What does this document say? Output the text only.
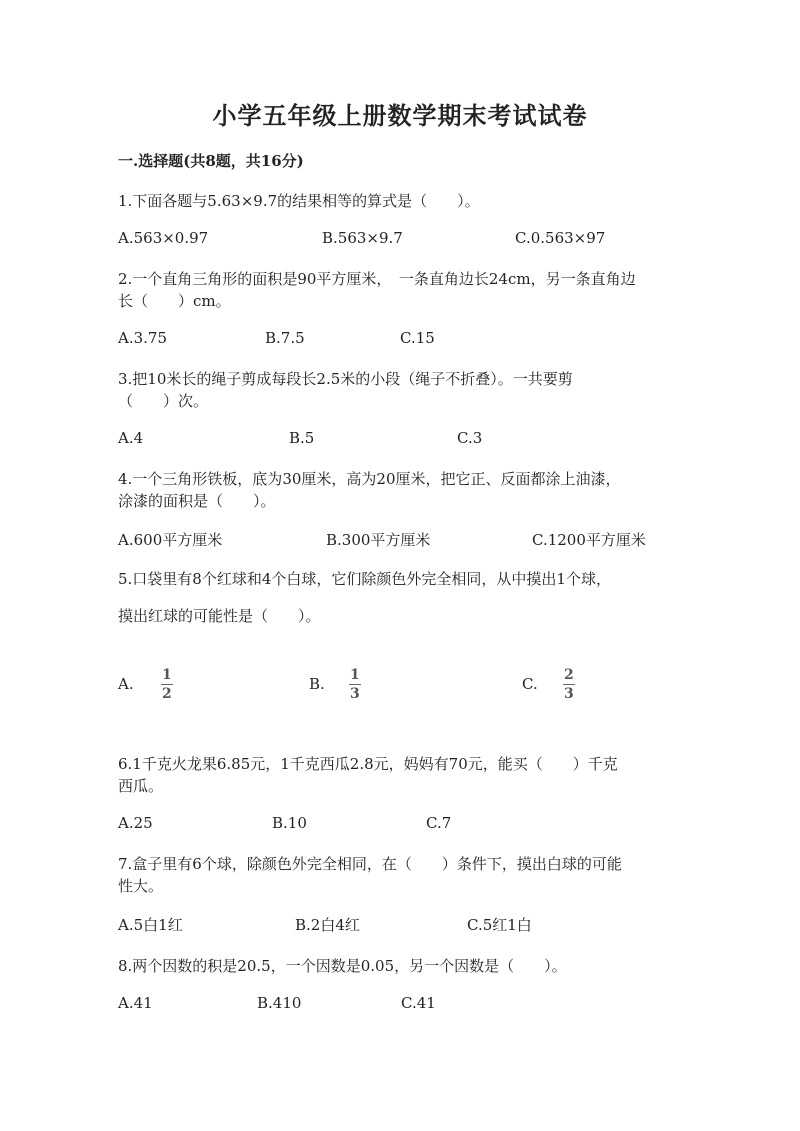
小学五年级上册数学期末考试试卷
一.选择题(共8题，共16分)
1.下面各题与5.63×9.7的结果相等的算式是（　　）。
A.563×0.97	B.563×9.7	C.0.563×97
2.一个直角三角形的面积是90平方厘米，　一条直角边长24cm，另一条直角边
长（　　）cm。
A.3.75	B.7.5	C.15
3.把10米长的绳子剪成每段长2.5米的小段（绳子不折叠）。一共要剪
（　　）次。
A.4	B.5	C.3
4.一个三角形铁板，底为30厘米，高为20厘米，把它正、反面都涂上油漆，
涂漆的面积是（　　）。
A.600平方厘米	B.300平方厘米	C.1200平方厘米
5.口袋里有8个红球和4个白球，它们除颜色外完全相同，从中摸出1个球，
摸出红球的可能性是（　　）。
A. 1
2
B. 1
3
C. 2
3
6.1千克火龙果6.85元，1千克西瓜2.8元，妈妈有70元，能买（　　）千克
西瓜。
A.25	B.10	C.7
7.盒子里有6个球，除颜色外完全相同，在（　　）条件下，摸出白球的可能
性大。
A.5白1红	B.2白4红	C.5红1白
8.两个因数的积是20.5，一个因数是0.05，另一个因数是（　　）。
A.41	B.410	C.41
